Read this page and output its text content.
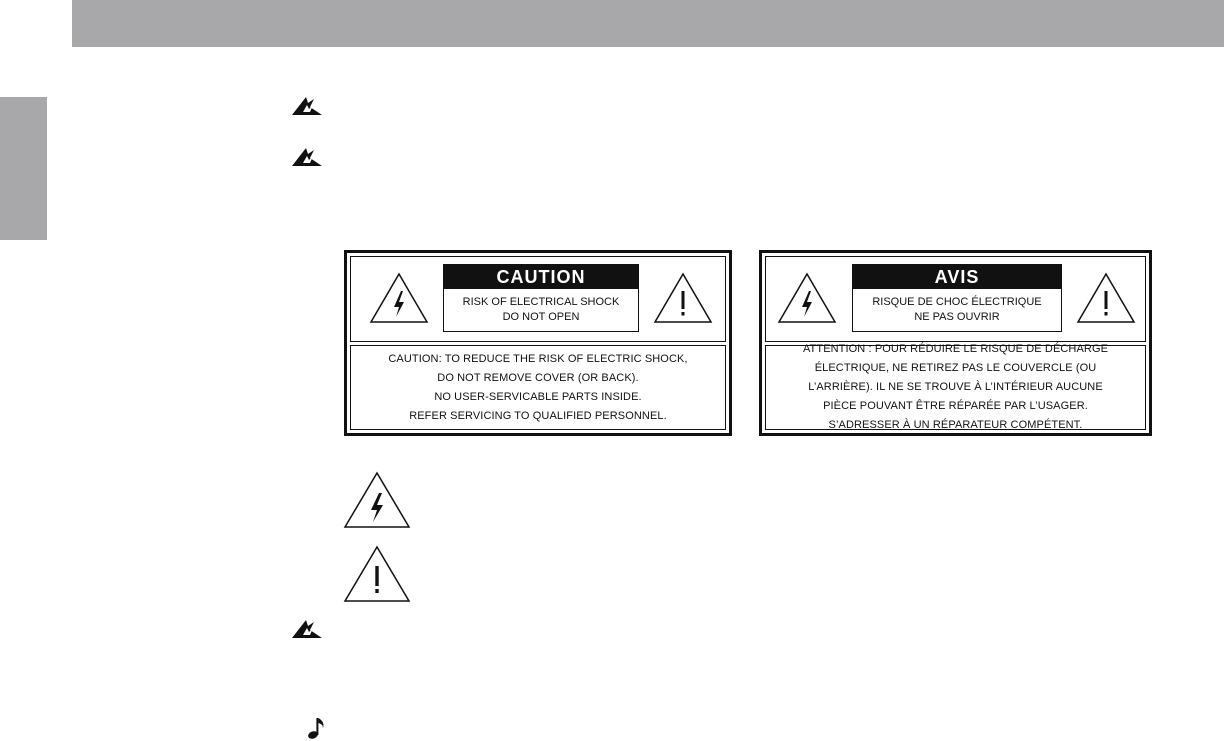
CAUTION
RISK OF ELECTRICAL SHOCK
DO NOT OPEN
CAUTION: TO REDUCE THE RISK OF ELECTRIC SHOCK,
DO NOT REMOVE COVER (OR BACK).
NO USER-SERVICABLE PARTS INSIDE.
REFER SERVICING TO QUALIFIED PERSONNEL.
AVIS
RISQUE DE CHOC ÉLECTRIQUE
NE PAS OUVRIR
ATTENTION : POUR RÉDUIRE LE RISQUE DE DÉCHARGE
ÉLECTRIQUE, NE RETIREZ PAS LE COUVERCLE (OU
L’ARRIÈRE). IL NE SE TROUVE À L’INTÉRIEUR AUCUNE
PIÈCE POUVANT ÊTRE RÉPARÉE PAR L’USAGER.
S’ADRESSER À UN RÉPARATEUR COMPÉTENT.
